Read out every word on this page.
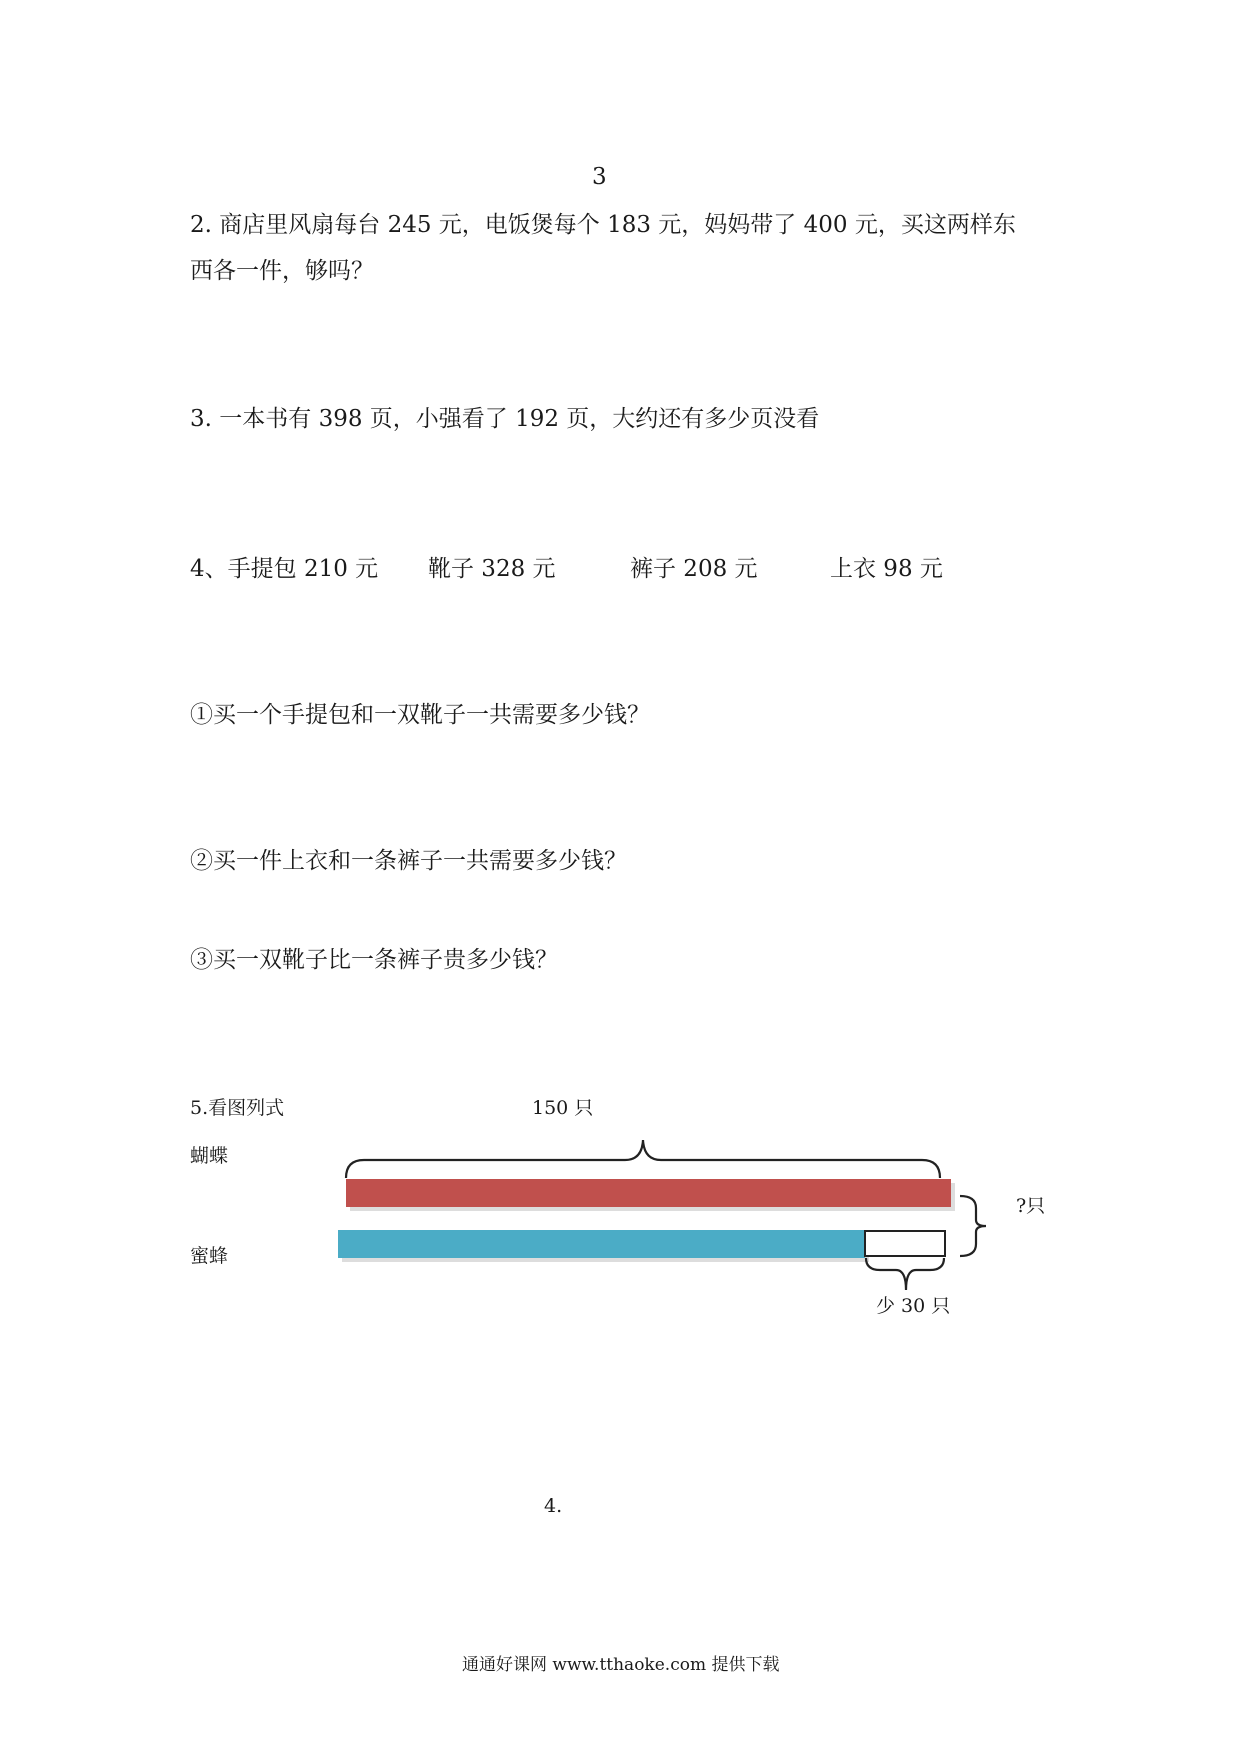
3
2. 商店里风扇每台 245 元，电饭煲每个 183 元，妈妈带了 400 元，买这两样东
西各一件，够吗？
3. 一本书有 398 页，小强看了 192 页，大约还有多少页没看
4、手提包 210 元 靴子 328 元	裤子 208 元	上衣 98 元
①买一个手提包和一双靴子一共需要多少钱？
②买一件上衣和一条裤子一共需要多少钱？
③买一双靴子比一条裤子贵多少钱？
5.看图列式	150 只
蝴蝶
蜜蜂
?只
少 30 只
4.
通通好课网 www.tthaoke.com 提供下载
